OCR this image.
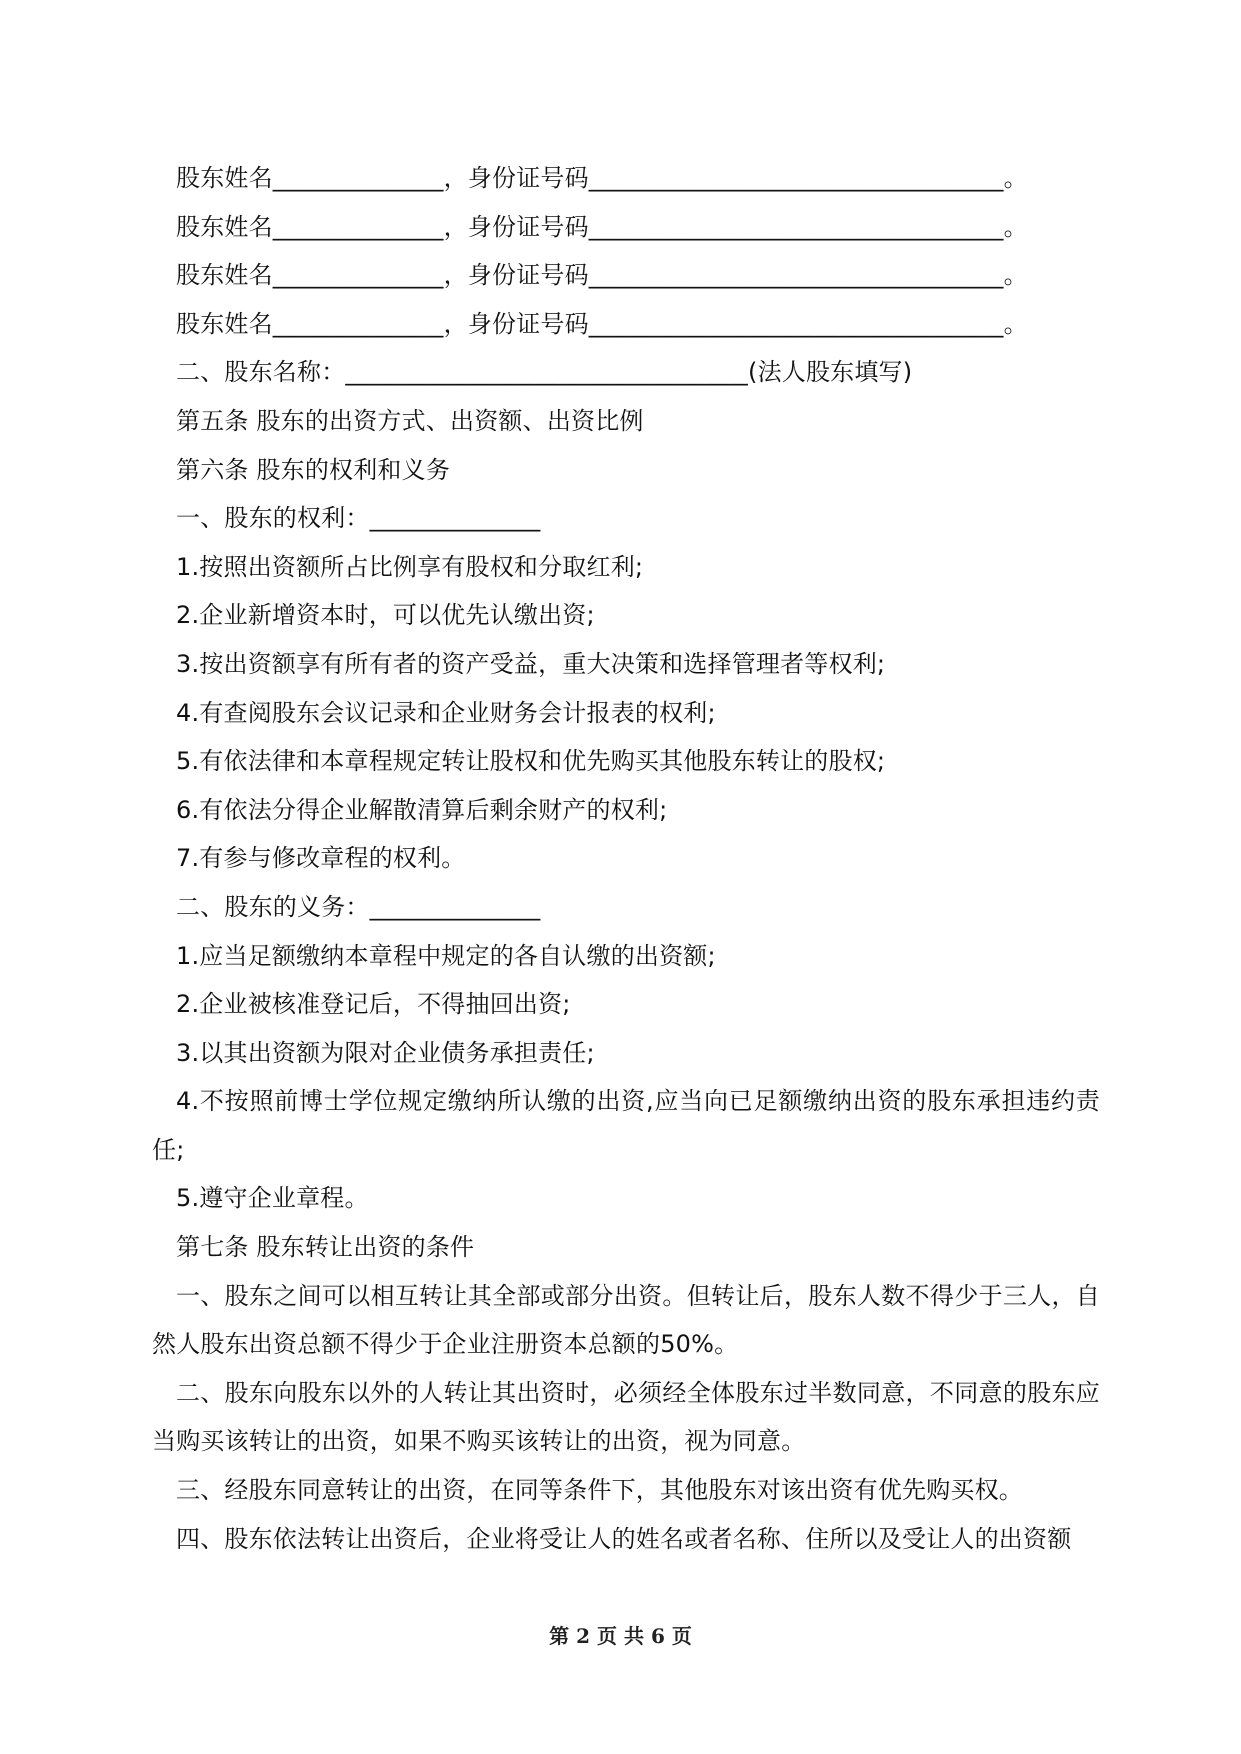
股东姓名______________，身份证号码__________________________________。

股东姓名______________，身份证号码__________________________________。

股东姓名______________，身份证号码__________________________________。

股东姓名______________，身份证号码__________________________________。

二、股东名称：_________________________________(法人股东填写)

第五条 股东的出资方式、出资额、出资比例

第六条 股东的权利和义务

一、股东的权利：______________

1.按照出资额所占比例享有股权和分取红利;

2.企业新增资本时，可以优先认缴出资;

3.按出资额享有所有者的资产受益，重大决策和选择管理者等权利;

4.有查阅股东会议记录和企业财务会计报表的权利;

5.有依法律和本章程规定转让股权和优先购买其他股东转让的股权;

6.有依法分得企业解散清算后剩余财产的权利;

7.有参与修改章程的权利。

二、股东的义务：______________

1.应当足额缴纳本章程中规定的各自认缴的出资额;

2.企业被核准登记后，不得抽回出资;

3.以其出资额为限对企业债务承担责任;

4.不按照前博士学位规定缴纳所认缴的出资,应当向已足额缴纳出资的股东承担违约责任;

5.遵守企业章程。

第七条 股东转让出资的条件

一、股东之间可以相互转让其全部或部分出资。但转让后，股东人数不得少于三人，自然人股东出资总额不得少于企业注册资本总额的50%。

二、股东向股东以外的人转让其出资时，必须经全体股东过半数同意，不同意的股东应当购买该转让的出资，如果不购买该转让的出资，视为同意。

三、经股东同意转让的出资，在同等条件下，其他股东对该出资有优先购买权。

四、股东依法转让出资后，企业将受让人的姓名或者名称、住所以及受让人的出资额

第 2 页 共 6 页
